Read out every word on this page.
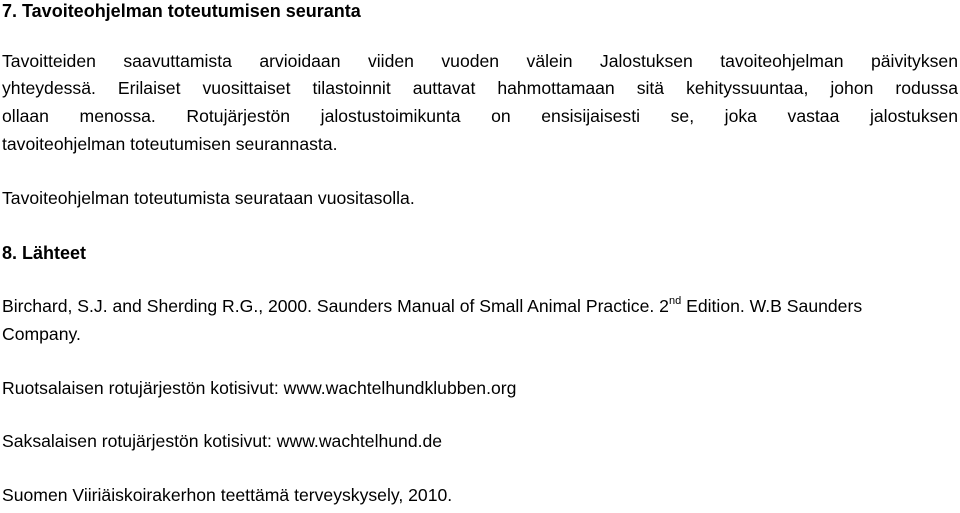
7. Tavoiteohjelman toteutumisen seuranta
Tavoitteiden saavuttamista arvioidaan viiden vuoden välein Jalostuksen tavoiteohjelman päivityksen
yhteydessä. Erilaiset vuosittaiset tilastoinnit auttavat hahmottamaan sitä kehityssuuntaa, johon rodussa
ollaan menossa. Rotujärjestön jalostustoimikunta on ensisijaisesti se, joka vastaa jalostuksen
tavoiteohjelman toteutumisen seurannasta.
Tavoiteohjelman toteutumista seurataan vuositasolla.
8. Lähteet
Birchard, S.J. and Sherding R.G., 2000. Saunders Manual of Small Animal Practice. 2nd Edition. W.B Saunders
Company.
Ruotsalaisen rotujärjestön kotisivut: www.wachtelhundklubben.org
Saksalaisen rotujärjestön kotisivut: www.wachtelhund.de
Suomen Viiriäiskoirakerhon teettämä terveyskysely, 2010.
